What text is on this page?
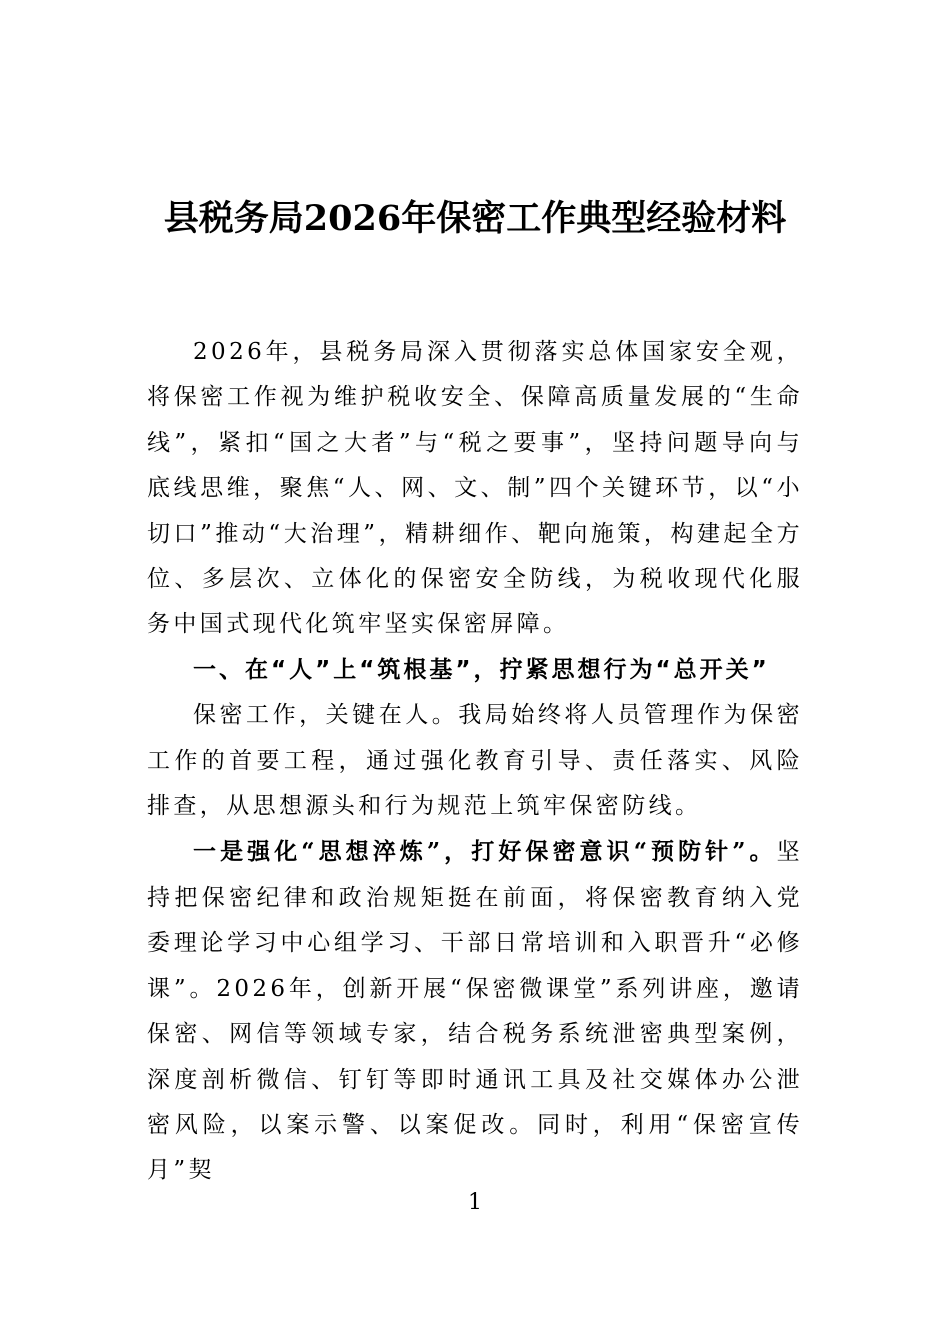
县税务局2026年保密工作典型经验材料

2026年，县税务局深入贯彻落实总体国家安全观，将保密工作视为维护税收安全、保障高质量发展的“生命线”，紧扣“国之大者”与“税之要事”，坚持问题导向与底线思维，聚焦“人、网、文、制”四个关键环节，以“小切口”推动“大治理”，精耕细作、靶向施策，构建起全方位、多层次、立体化的保密安全防线，为税收现代化服务中国式现代化筑牢坚实保密屏障。

一、在“人”上“筑根基”，拧紧思想行为“总开关”

保密工作，关键在人。我局始终将人员管理作为保密工作的首要工程，通过强化教育引导、责任落实、风险排查，从思想源头和行为规范上筑牢保密防线。

一是强化“思想淬炼”，打好保密意识“预防针”。坚持把保密纪律和政治规矩挺在前面，将保密教育纳入党委理论学习中心组学习、干部日常培训和入职晋升“必修课”。2026年，创新开展“保密微课堂”系列讲座，邀请保密、网信等领域专家，结合税务系统泄密典型案例，深度剖析微信、钉钉等即时通讯工具及社交媒体办公泄密风险，以案示警、以案促改。同时，利用“保密宣传月”契

1
